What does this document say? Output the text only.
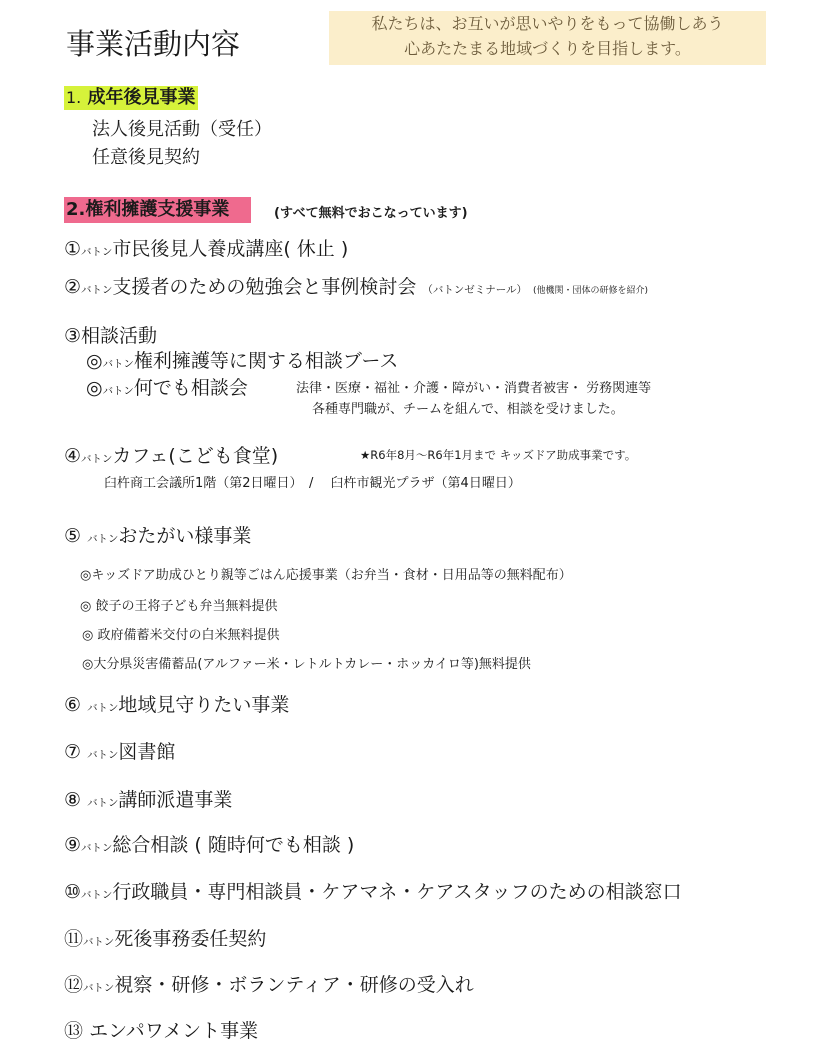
事業活動内容
私たちは、お互いが思いやりをもって協働しあう
心あたたまる地域づくりを目指します。
1. 成年後見事業
法人後見活動（受任）
任意後見契約
2.権利擁護支援事業	(すべて無料でおこなっています)
①バトン市民後見人養成講座( 休止 )
②バトン支援者のための勉強会と事例検討会 （バトンゼミナール） (他機関・団体の研修を紹介)
③相談活動
◎バトン権利擁護等に関する相談ブース
◎バトン何でも相談会	法律・医療・福祉・介護・障がい・消費者被害・ 労務関連等
各種専門職が、チームを組んで、相談を受けました。
④バトンカフェ(こども食堂)	★R6年8月～R6年1月まで キッズドア助成事業です。
臼杵商工会議所1階（第2日曜日）　/　 臼杵市観光プラザ（第4日曜日）
⑤ バトンおたがい様事業
◎キッズドア助成ひとり親等ごはん応援事業（お弁当・食材・日用品等の無料配布）
◎ 餃子の王将子ども弁当無料提供
◎ 政府備蓄米交付の白米無料提供
◎大分県災害備蓄品(アルファー米・レトルトカレー・ホッカイロ等)無料提供
⑥ バトン地域見守りたい事業
⑦ バトン図書館
⑧ バトン講師派遣事業
⑨バトン総合相談 ( 随時何でも相談 )
⑩バトン行政職員・専門相談員・ケアマネ・ケアスタッフのための相談窓口
⑪バトン死後事務委任契約
⑫バトン視察・研修・ボランティア・研修の受入れ
⑬ エンパワメント事業
